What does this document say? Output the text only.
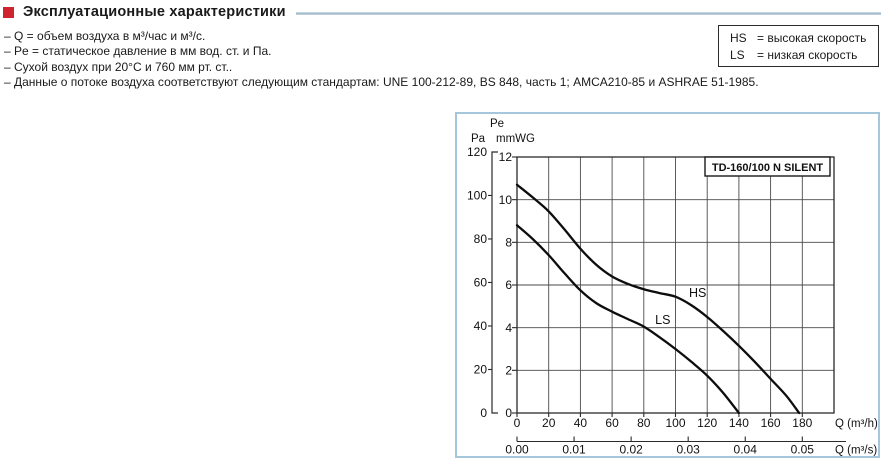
Эксплуатационные характеристики
– Q = объем воздуха в м³/час и м³/с.
– Pe = статическое давление в мм вод. ст. и Па.
– Сухой воздух при 20°C и 760 мм рт. ст..
– Данные о потоке воздуха соответствуют следующим стандартам: UNE 100-212-89, BS 848, часть 1; AMCA210-85 и ASHRAE 51-1985.
HS = высокая скорость
LS	= низкая скорость
0 20 40 60 80 100 120 140 160 180 Q (m³/h)
0.00	0.01	0.02	0.03	0.04	0.05 Q (m³/s)
12
10
8
6
4
2
0
120
100
80
60
40
20
0
Pe
Pa mmWG
TD-160/100 N SILENT
HS
LS
